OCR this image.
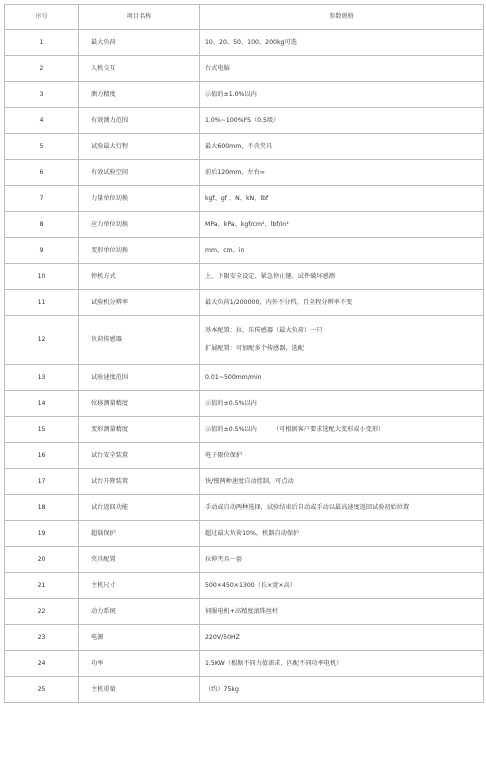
序号	项目名称	参数规格
1	最大负荷	10、20、50、100、200kg可选

2	人机交互	台式电脑

3	测力精度	示值的±1.0%以内

4	有效测力范围	1.0%~100%FS（0.5级）

5	试验最大行程	最大600mm，不含夹具

6	有效试验空间	前后120mm，左右∞

7	力量单位切换	kgf、gf 、N、kN、lbf

8	应力单位切换	MPa、kPa、kgf/cm²、lbf/in²

9	变形单位切换	mm、cm、in

10	停机方式	上、下限安全设定、紧急停止键、试件破坏感测

11	试验机分辨率	最大负荷1/200000，内外不分档，且全程分辨率不变

12	负荷传感器	基本配置：拉、压传感器（最大负荷）一只
扩展配置：可加配多个传感器，选配

13	试验速度范围	0.01~500mm/min

14	位移测量精度	示值的±0.5%以内

15	变形测量精度	示值的±0.5%以内 （可根据客户要求选配大变形或小变形）

16	试台安全装置	电子限位保护

17	试台升降装置	快/慢两种速度自动控制，可点动

18	试台返回功能	手动或自动两种选择，试验结束后自动或手动以最高速度返回试验初始位置

19	超载保护	超过最大负荷10%，机器自动保护

20	夹具配置	拉伸夹具一套

21	主机尺寸	500×450×1300（长×宽×高）

22	动力系统	伺服电机+高精度滚珠丝杆

23	电源	220V/50HZ

24	功率	1.5KW（根据不同力值需求，匹配不同功率电机）

25	主机重量	（约）75kg
